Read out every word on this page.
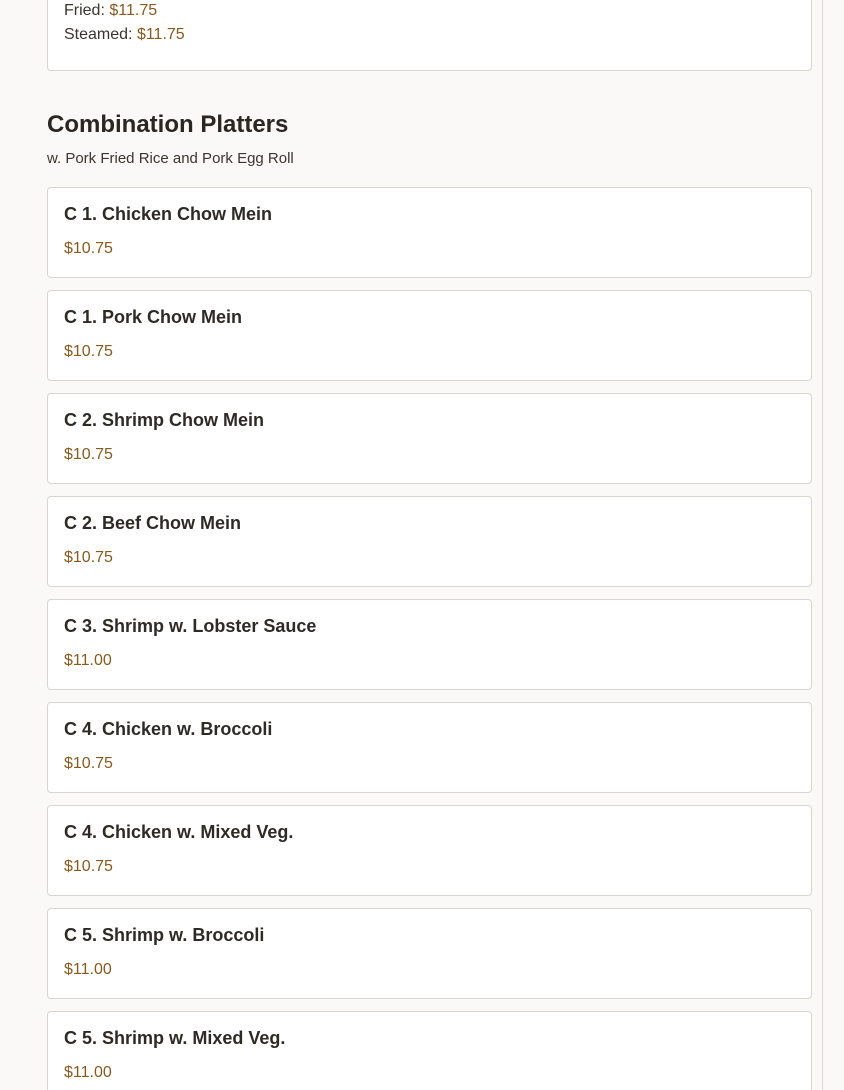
Fried: $11.75
Steamed: $11.75
Combination Platters
w. Pork Fried Rice and Pork Egg Roll
C 1. Chicken Chow Mein
$10.75
C 1. Pork Chow Mein
$10.75
C 2. Shrimp Chow Mein
$10.75
C 2. Beef Chow Mein
$10.75
C 3. Shrimp w. Lobster Sauce
$11.00
C 4. Chicken w. Broccoli
$10.75
C 4. Chicken w. Mixed Veg.
$10.75
C 5. Shrimp w. Broccoli
$11.00
C 5. Shrimp w. Mixed Veg.
$11.00
